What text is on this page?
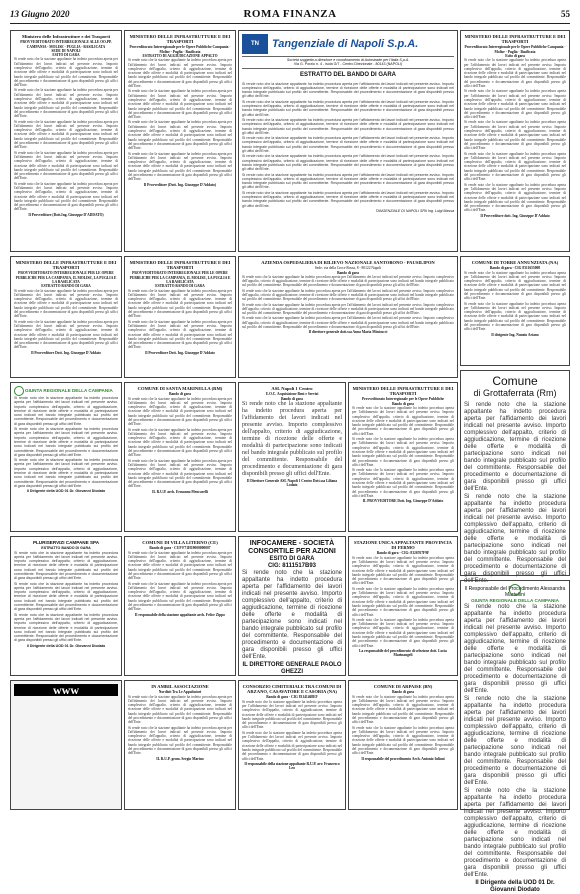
13 Giugno 2020	ROMA FINANZA	55
Ministero delle Infrastrutture e dei Trasporti
PROVVEDITORATO INTERREGIONALE ALLE OO.PP. CAMPANIA - MOLISE - PUGLIA - BASILICATA
SEDE DI NAPOLI
ESITO DI GARA

Si rende noto che la stazione appaltante ha indetto procedura aperta per l'affidamento dei lavori indicati nel presente avviso. Importo complessivo dell'appalto, criterio di aggiudicazione, termine di ricezione delle offerte e modalità di partecipazione sono indicati nel bando integrale pubblicato sul profilo del committente. Responsabile del procedimento e documentazione di gara disponibili presso gli uffici dell'Ente.

Si rende noto che la stazione appaltante ha indetto procedura aperta per l'affidamento dei lavori indicati nel presente avviso. Importo complessivo dell'appalto, criterio di aggiudicazione, termine di ricezione delle offerte e modalità di partecipazione sono indicati nel bando integrale pubblicato sul profilo del committente. Responsabile del procedimento e documentazione di gara disponibili presso gli uffici dell'Ente.

Si rende noto che la stazione appaltante ha indetto procedura aperta per l'affidamento dei lavori indicati nel presente avviso. Importo complessivo dell'appalto, criterio di aggiudicazione, termine di ricezione delle offerte e modalità di partecipazione sono indicati nel bando integrale pubblicato sul profilo del committente. Responsabile del procedimento e documentazione di gara disponibili presso gli uffici dell'Ente.

Si rende noto che la stazione appaltante ha indetto procedura aperta per l'affidamento dei lavori indicati nel presente avviso. Importo complessivo dell'appalto, criterio di aggiudicazione, termine di ricezione delle offerte e modalità di partecipazione sono indicati nel bando integrale pubblicato sul profilo del committente. Responsabile del procedimento e documentazione di gara disponibili presso gli uffici dell'Ente.

Si rende noto che la stazione appaltante ha indetto procedura aperta per l'affidamento dei lavori indicati nel presente avviso. Importo complessivo dell'appalto, criterio di aggiudicazione, termine di ricezione delle offerte e modalità di partecipazione sono indicati nel bando integrale pubblicato sul profilo del committente. Responsabile del procedimento e documentazione di gara disponibili presso gli uffici dell'Ente.

Il Provveditore (Dott.Ing. Giuseppe D'ADDATO)
MINISTERO DELLE INFRASTRUTTURE E DEI TRASPORTI
Provveditorato Interregionale per le Opere Pubbliche Campania - Molise - Puglia - Basilicata
ESTRATTO DI AGGIUDICAZIONE APPALTO

Si rende noto che la stazione appaltante ha indetto procedura aperta per l'affidamento dei lavori indicati nel presente avviso. Importo complessivo dell'appalto, criterio di aggiudicazione, termine di ricezione delle offerte e modalità di partecipazione sono indicati nel bando integrale pubblicato sul profilo del committente. Responsabile del procedimento e documentazione di gara disponibili presso gli uffici dell'Ente.

Si rende noto che la stazione appaltante ha indetto procedura aperta per l'affidamento dei lavori indicati nel presente avviso. Importo complessivo dell'appalto, criterio di aggiudicazione, termine di ricezione delle offerte e modalità di partecipazione sono indicati nel bando integrale pubblicato sul profilo del committente. Responsabile del procedimento e documentazione di gara disponibili presso gli uffici dell'Ente.

Si rende noto che la stazione appaltante ha indetto procedura aperta per l'affidamento dei lavori indicati nel presente avviso. Importo complessivo dell'appalto, criterio di aggiudicazione, termine di ricezione delle offerte e modalità di partecipazione sono indicati nel bando integrale pubblicato sul profilo del committente. Responsabile del procedimento e documentazione di gara disponibili presso gli uffici dell'Ente.

Si rende noto che la stazione appaltante ha indetto procedura aperta per l'affidamento dei lavori indicati nel presente avviso. Importo complessivo dell'appalto, criterio di aggiudicazione, termine di ricezione delle offerte e modalità di partecipazione sono indicati nel bando integrale pubblicato sul profilo del committente. Responsabile del procedimento e documentazione di gara disponibili presso gli uffici dell'Ente.

Il Provveditore (Dott. Ing. Giuseppe D'Addato)
TN	Tangenziale di Napoli S.p.A.
Società soggetta a direzione e coordinamento di Autostrade per l'Italia S.p.A.
Via G. Porzio n. 4 - isola G/7 - Centro Direzionale - 80143 (NAPOLI)
ESTRATTO DEL BANDO DI GARA

Si rende noto che la stazione appaltante ha indetto procedura aperta per l'affidamento dei lavori indicati nel presente avviso. Importo complessivo dell'appalto, criterio di aggiudicazione, termine di ricezione delle offerte e modalità di partecipazione sono indicati nel bando integrale pubblicato sul profilo del committente. Responsabile del procedimento e documentazione di gara disponibili presso gli uffici dell'Ente.

Si rende noto che la stazione appaltante ha indetto procedura aperta per l'affidamento dei lavori indicati nel presente avviso. Importo complessivo dell'appalto, criterio di aggiudicazione, termine di ricezione delle offerte e modalità di partecipazione sono indicati nel bando integrale pubblicato sul profilo del committente. Responsabile del procedimento e documentazione di gara disponibili presso gli uffici dell'Ente.

Si rende noto che la stazione appaltante ha indetto procedura aperta per l'affidamento dei lavori indicati nel presente avviso. Importo complessivo dell'appalto, criterio di aggiudicazione, termine di ricezione delle offerte e modalità di partecipazione sono indicati nel bando integrale pubblicato sul profilo del committente. Responsabile del procedimento e documentazione di gara disponibili presso gli uffici dell'Ente.

Si rende noto che la stazione appaltante ha indetto procedura aperta per l'affidamento dei lavori indicati nel presente avviso. Importo complessivo dell'appalto, criterio di aggiudicazione, termine di ricezione delle offerte e modalità di partecipazione sono indicati nel bando integrale pubblicato sul profilo del committente. Responsabile del procedimento e documentazione di gara disponibili presso gli uffici dell'Ente.

Si rende noto che la stazione appaltante ha indetto procedura aperta per l'affidamento dei lavori indicati nel presente avviso. Importo complessivo dell'appalto, criterio di aggiudicazione, termine di ricezione delle offerte e modalità di partecipazione sono indicati nel bando integrale pubblicato sul profilo del committente. Responsabile del procedimento e documentazione di gara disponibili presso gli uffici dell'Ente.

Si rende noto che la stazione appaltante ha indetto procedura aperta per l'affidamento dei lavori indicati nel presente avviso. Importo complessivo dell'appalto, criterio di aggiudicazione, termine di ricezione delle offerte e modalità di partecipazione sono indicati nel bando integrale pubblicato sul profilo del committente. Responsabile del procedimento e documentazione di gara disponibili presso gli uffici dell'Ente.

Si rende noto che la stazione appaltante ha indetto procedura aperta per l'affidamento dei lavori indicati nel presente avviso. Importo complessivo dell'appalto, criterio di aggiudicazione, termine di ricezione delle offerte e modalità di partecipazione sono indicati nel bando integrale pubblicato sul profilo del committente. Responsabile del procedimento e documentazione di gara disponibili presso gli uffici dell'Ente.

TANGENZIALE DI NAPOLI SPA Ing. Luigi Massa
MINISTERO DELLE INFRASTRUTTURE E DEI TRASPORTI
Provveditorato Interregionale per le Opere Pubbliche Campania - Molise - Puglia - Basilicata
Esito di gara

Si rende noto che la stazione appaltante ha indetto procedura aperta per l'affidamento dei lavori indicati nel presente avviso. Importo complessivo dell'appalto, criterio di aggiudicazione, termine di ricezione delle offerte e modalità di partecipazione sono indicati nel bando integrale pubblicato sul profilo del committente. Responsabile del procedimento e documentazione di gara disponibili presso gli uffici dell'Ente.

Si rende noto che la stazione appaltante ha indetto procedura aperta per l'affidamento dei lavori indicati nel presente avviso. Importo complessivo dell'appalto, criterio di aggiudicazione, termine di ricezione delle offerte e modalità di partecipazione sono indicati nel bando integrale pubblicato sul profilo del committente. Responsabile del procedimento e documentazione di gara disponibili presso gli uffici dell'Ente.

Si rende noto che la stazione appaltante ha indetto procedura aperta per l'affidamento dei lavori indicati nel presente avviso. Importo complessivo dell'appalto, criterio di aggiudicazione, termine di ricezione delle offerte e modalità di partecipazione sono indicati nel bando integrale pubblicato sul profilo del committente. Responsabile del procedimento e documentazione di gara disponibili presso gli uffici dell'Ente.

Si rende noto che la stazione appaltante ha indetto procedura aperta per l'affidamento dei lavori indicati nel presente avviso. Importo complessivo dell'appalto, criterio di aggiudicazione, termine di ricezione delle offerte e modalità di partecipazione sono indicati nel bando integrale pubblicato sul profilo del committente. Responsabile del procedimento e documentazione di gara disponibili presso gli uffici dell'Ente.

Si rende noto che la stazione appaltante ha indetto procedura aperta per l'affidamento dei lavori indicati nel presente avviso. Importo complessivo dell'appalto, criterio di aggiudicazione, termine di ricezione delle offerte e modalità di partecipazione sono indicati nel bando integrale pubblicato sul profilo del committente. Responsabile del procedimento e documentazione di gara disponibili presso gli uffici dell'Ente.

Il Provveditore dott. Ing. Giuseppe D'Addato
MINISTERO DELLE INFRASTRUTTURE E DEI TRASPORTI
PROVVEDITORATO INTERREGIONALE PER LE OPERE PUBBLICHE PER LA CAMPANIA, IL MOLISE, LA PUGLIA E LA BASILICATA
ESTRATTO BANDO DI GARA

Si rende noto che la stazione appaltante ha indetto procedura aperta per l'affidamento dei lavori indicati nel presente avviso. Importo complessivo dell'appalto, criterio di aggiudicazione, termine di ricezione delle offerte e modalità di partecipazione sono indicati nel bando integrale pubblicato sul profilo del committente. Responsabile del procedimento e documentazione di gara disponibili presso gli uffici dell'Ente.

Si rende noto che la stazione appaltante ha indetto procedura aperta per l'affidamento dei lavori indicati nel presente avviso. Importo complessivo dell'appalto, criterio di aggiudicazione, termine di ricezione delle offerte e modalità di partecipazione sono indicati nel bando integrale pubblicato sul profilo del committente. Responsabile del procedimento e documentazione di gara disponibili presso gli uffici dell'Ente.

Il Provveditore Dott. Ing. Giuseppe D'Addato
MINISTERO DELLE INFRASTRUTTURE E DEI TRASPORTI
PROVVEDITORATO INTERREGIONALE PER LE OPERE PUBBLICHE PER LA CAMPANIA, IL MOLISE, LA PUGLIA E LA BASILICATA
ESTRATTO BANDO DI GARA

Si rende noto che la stazione appaltante ha indetto procedura aperta per l'affidamento dei lavori indicati nel presente avviso. Importo complessivo dell'appalto, criterio di aggiudicazione, termine di ricezione delle offerte e modalità di partecipazione sono indicati nel bando integrale pubblicato sul profilo del committente. Responsabile del procedimento e documentazione di gara disponibili presso gli uffici dell'Ente.

Si rende noto che la stazione appaltante ha indetto procedura aperta per l'affidamento dei lavori indicati nel presente avviso. Importo complessivo dell'appalto, criterio di aggiudicazione, termine di ricezione delle offerte e modalità di partecipazione sono indicati nel bando integrale pubblicato sul profilo del committente. Responsabile del procedimento e documentazione di gara disponibili presso gli uffici dell'Ente.

Il Provveditore Dott. Ing. Giuseppe D'Addato
AZIENDA OSPEDALIERA DI RILIEVO NAZIONALE SANTOBONO - PAUSILIPON
Sede: via della Croce Rossa, 8 - 80122 Napoli
Bando di gara

Si rende noto che la stazione appaltante ha indetto procedura aperta per l'affidamento dei lavori indicati nel presente avviso. Importo complessivo dell'appalto, criterio di aggiudicazione, termine di ricezione delle offerte e modalità di partecipazione sono indicati nel bando integrale pubblicato sul profilo del committente. Responsabile del procedimento e documentazione di gara disponibili presso gli uffici dell'Ente.

Si rende noto che la stazione appaltante ha indetto procedura aperta per l'affidamento dei lavori indicati nel presente avviso. Importo complessivo dell'appalto, criterio di aggiudicazione, termine di ricezione delle offerte e modalità di partecipazione sono indicati nel bando integrale pubblicato sul profilo del committente. Responsabile del procedimento e documentazione di gara disponibili presso gli uffici dell'Ente.

Si rende noto che la stazione appaltante ha indetto procedura aperta per l'affidamento dei lavori indicati nel presente avviso. Importo complessivo dell'appalto, criterio di aggiudicazione, termine di ricezione delle offerte e modalità di partecipazione sono indicati nel bando integrale pubblicato sul profilo del committente. Responsabile del procedimento e documentazione di gara disponibili presso gli uffici dell'Ente.

Si rende noto che la stazione appaltante ha indetto procedura aperta per l'affidamento dei lavori indicati nel presente avviso. Importo complessivo dell'appalto, criterio di aggiudicazione, termine di ricezione delle offerte e modalità di partecipazione sono indicati nel bando integrale pubblicato sul profilo del committente. Responsabile del procedimento e documentazione di gara disponibili presso gli uffici dell'Ente.

Il direttore generale dott.ssa Anna Maria Minicucci
COMUNE DI TORRE ANNUNZIATA (NA)
Bando di gara - CIG 8311655008

Si rende noto che la stazione appaltante ha indetto procedura aperta per l'affidamento dei lavori indicati nel presente avviso. Importo complessivo dell'appalto, criterio di aggiudicazione, termine di ricezione delle offerte e modalità di partecipazione sono indicati nel bando integrale pubblicato sul profilo del committente. Responsabile del procedimento e documentazione di gara disponibili presso gli uffici dell'Ente.

Si rende noto che la stazione appaltante ha indetto procedura aperta per l'affidamento dei lavori indicati nel presente avviso. Importo complessivo dell'appalto, criterio di aggiudicazione, termine di ricezione delle offerte e modalità di partecipazione sono indicati nel bando integrale pubblicato sul profilo del committente. Responsabile del procedimento e documentazione di gara disponibili presso gli uffici dell'Ente.

Il dirigente Ing. Nunzio Ariano
GIUNTA REGIONALE DELLA CAMPANIA

Si rende noto che la stazione appaltante ha indetto procedura aperta per l'affidamento dei lavori indicati nel presente avviso. Importo complessivo dell'appalto, criterio di aggiudicazione, termine di ricezione delle offerte e modalità di partecipazione sono indicati nel bando integrale pubblicato sul profilo del committente. Responsabile del procedimento e documentazione di gara disponibili presso gli uffici dell'Ente.

Si rende noto che la stazione appaltante ha indetto procedura aperta per l'affidamento dei lavori indicati nel presente avviso. Importo complessivo dell'appalto, criterio di aggiudicazione, termine di ricezione delle offerte e modalità di partecipazione sono indicati nel bando integrale pubblicato sul profilo del committente. Responsabile del procedimento e documentazione di gara disponibili presso gli uffici dell'Ente.

Si rende noto che la stazione appaltante ha indetto procedura aperta per l'affidamento dei lavori indicati nel presente avviso. Importo complessivo dell'appalto, criterio di aggiudicazione, termine di ricezione delle offerte e modalità di partecipazione sono indicati nel bando integrale pubblicato sul profilo del committente. Responsabile del procedimento e documentazione di gara disponibili presso gli uffici dell'Ente.

Il Dirigente della UOD 01 Dr. Giovanni Diodato
COMUNE DI SANTA MARINELLA (RM)
Bando di gara

Si rende noto che la stazione appaltante ha indetto procedura aperta per l'affidamento dei lavori indicati nel presente avviso. Importo complessivo dell'appalto, criterio di aggiudicazione, termine di ricezione delle offerte e modalità di partecipazione sono indicati nel bando integrale pubblicato sul profilo del committente. Responsabile del procedimento e documentazione di gara disponibili presso gli uffici dell'Ente.

Si rende noto che la stazione appaltante ha indetto procedura aperta per l'affidamento dei lavori indicati nel presente avviso. Importo complessivo dell'appalto, criterio di aggiudicazione, termine di ricezione delle offerte e modalità di partecipazione sono indicati nel bando integrale pubblicato sul profilo del committente. Responsabile del procedimento e documentazione di gara disponibili presso gli uffici dell'Ente.

Si rende noto che la stazione appaltante ha indetto procedura aperta per l'affidamento dei lavori indicati nel presente avviso. Importo complessivo dell'appalto, criterio di aggiudicazione, termine di ricezione delle offerte e modalità di partecipazione sono indicati nel bando integrale pubblicato sul profilo del committente. Responsabile del procedimento e documentazione di gara disponibili presso gli uffici dell'Ente.

IL R.U.P. arch. Ermanno Mencarelli
ASL Napoli 1 Centro
U.O.C. Acquisizione Beni e Servizi
Bando di gara

Si rende noto che la stazione appaltante ha indetto procedura aperta per l'affidamento dei lavori indicati nel presente avviso. Importo complessivo dell'appalto, criterio di aggiudicazione, termine di ricezione delle offerte e modalità di partecipazione sono indicati nel bando integrale pubblicato sul profilo del committente. Responsabile del procedimento e documentazione di gara disponibili presso gli uffici dell'Ente.

Il Direttore Generale ASL Napoli 1 Centro Dott.ssa Liliana Lodato
MINISTERO DELLE INFRASTRUTTURE E DEI TRASPORTI
Provveditorato Interregionale per le Opere Pubbliche
Bando di gara

Si rende noto che la stazione appaltante ha indetto procedura aperta per l'affidamento dei lavori indicati nel presente avviso. Importo complessivo dell'appalto, criterio di aggiudicazione, termine di ricezione delle offerte e modalità di partecipazione sono indicati nel bando integrale pubblicato sul profilo del committente. Responsabile del procedimento e documentazione di gara disponibili presso gli uffici dell'Ente.

Si rende noto che la stazione appaltante ha indetto procedura aperta per l'affidamento dei lavori indicati nel presente avviso. Importo complessivo dell'appalto, criterio di aggiudicazione, termine di ricezione delle offerte e modalità di partecipazione sono indicati nel bando integrale pubblicato sul profilo del committente. Responsabile del procedimento e documentazione di gara disponibili presso gli uffici dell'Ente.

Si rende noto che la stazione appaltante ha indetto procedura aperta per l'affidamento dei lavori indicati nel presente avviso. Importo complessivo dell'appalto, criterio di aggiudicazione, termine di ricezione delle offerte e modalità di partecipazione sono indicati nel bando integrale pubblicato sul profilo del committente. Responsabile del procedimento e documentazione di gara disponibili presso gli uffici dell'Ente.

IL PROVVEDITORE Dott. Ing. Giuseppe D'Addato
Comune
di Grottaferrata (Rm)

Si rende noto che la stazione appaltante ha indetto procedura aperta per l'affidamento dei lavori indicati nel presente avviso. Importo complessivo dell'appalto, criterio di aggiudicazione, termine di ricezione delle offerte e modalità di partecipazione sono indicati nel bando integrale pubblicato sul profilo del committente. Responsabile del procedimento e documentazione di gara disponibili presso gli uffici dell'Ente.

Si rende noto che la stazione appaltante ha indetto procedura aperta per l'affidamento dei lavori indicati nel presente avviso. Importo complessivo dell'appalto, criterio di aggiudicazione, termine di ricezione delle offerte e modalità di partecipazione sono indicati nel bando integrale pubblicato sul profilo del committente. Responsabile del procedimento e documentazione di gara disponibili presso gli uffici dell'Ente.

Il Responsabile del Procedimento Alessandra Martellini
PLURISERVIZI CAMPANE SPA
ESTRATTO BANDO DI GARA

Si rende noto che la stazione appaltante ha indetto procedura aperta per l'affidamento dei lavori indicati nel presente avviso. Importo complessivo dell'appalto, criterio di aggiudicazione, termine di ricezione delle offerte e modalità di partecipazione sono indicati nel bando integrale pubblicato sul profilo del committente. Responsabile del procedimento e documentazione di gara disponibili presso gli uffici dell'Ente.

Si rende noto che la stazione appaltante ha indetto procedura aperta per l'affidamento dei lavori indicati nel presente avviso. Importo complessivo dell'appalto, criterio di aggiudicazione, termine di ricezione delle offerte e modalità di partecipazione sono indicati nel bando integrale pubblicato sul profilo del committente. Responsabile del procedimento e documentazione di gara disponibili presso gli uffici dell'Ente.

Si rende noto che la stazione appaltante ha indetto procedura aperta per l'affidamento dei lavori indicati nel presente avviso. Importo complessivo dell'appalto, criterio di aggiudicazione, termine di ricezione delle offerte e modalità di partecipazione sono indicati nel bando integrale pubblicato sul profilo del committente. Responsabile del procedimento e documentazione di gara disponibili presso gli uffici dell'Ente.

Il Dirigente della UOD 01 Dr. Giovanni Diodato
COMUNE DI VILLA LITERNO (CE)
Bando di gara - CUP F71H19000000007

Si rende noto che la stazione appaltante ha indetto procedura aperta per l'affidamento dei lavori indicati nel presente avviso. Importo complessivo dell'appalto, criterio di aggiudicazione, termine di ricezione delle offerte e modalità di partecipazione sono indicati nel bando integrale pubblicato sul profilo del committente. Responsabile del procedimento e documentazione di gara disponibili presso gli uffici dell'Ente.

Si rende noto che la stazione appaltante ha indetto procedura aperta per l'affidamento dei lavori indicati nel presente avviso. Importo complessivo dell'appalto, criterio di aggiudicazione, termine di ricezione delle offerte e modalità di partecipazione sono indicati nel bando integrale pubblicato sul profilo del committente. Responsabile del procedimento e documentazione di gara disponibili presso gli uffici dell'Ente.

Il responsabile della stazione appaltante arch. Felice Zippo
INFOCAMERE - SOCIETÀ CONSORTILE PER AZIONI
ESITO DI GARA
CIG: 8111517B93

Si rende noto che la stazione appaltante ha indetto procedura aperta per l'affidamento dei lavori indicati nel presente avviso. Importo complessivo dell'appalto, criterio di aggiudicazione, termine di ricezione delle offerte e modalità di partecipazione sono indicati nel bando integrale pubblicato sul profilo del committente. Responsabile del procedimento e documentazione di gara disponibili presso gli uffici dell'Ente.

IL DIRETTORE GENERALE PAOLO GHEZZI
STAZIONE UNICA APPALTANTE PROVINCIA DI FERMO
Bando di gara - CIG: 8326767F9F

Si rende noto che la stazione appaltante ha indetto procedura aperta per l'affidamento dei lavori indicati nel presente avviso. Importo complessivo dell'appalto, criterio di aggiudicazione, termine di ricezione delle offerte e modalità di partecipazione sono indicati nel bando integrale pubblicato sul profilo del committente. Responsabile del procedimento e documentazione di gara disponibili presso gli uffici dell'Ente.

Si rende noto che la stazione appaltante ha indetto procedura aperta per l'affidamento dei lavori indicati nel presente avviso. Importo complessivo dell'appalto, criterio di aggiudicazione, termine di ricezione delle offerte e modalità di partecipazione sono indicati nel bando integrale pubblicato sul profilo del committente. Responsabile del procedimento e documentazione di gara disponibili presso gli uffici dell'Ente.

Si rende noto che la stazione appaltante ha indetto procedura aperta per l'affidamento dei lavori indicati nel presente avviso. Importo complessivo dell'appalto, criterio di aggiudicazione, termine di ricezione delle offerte e modalità di partecipazione sono indicati nel bando integrale pubblicato sul profilo del committente. Responsabile del procedimento e documentazione di gara disponibili presso gli uffici dell'Ente.

La responsabile del procedimento di selezione dott. Lucia Marinangeli
GIUNTA REGIONALE DELLA CAMPANIA

Si rende noto che la stazione appaltante ha indetto procedura aperta per l'affidamento dei lavori indicati nel presente avviso. Importo complessivo dell'appalto, criterio di aggiudicazione, termine di ricezione delle offerte e modalità di partecipazione sono indicati nel bando integrale pubblicato sul profilo del committente. Responsabile del procedimento e documentazione di gara disponibili presso gli uffici dell'Ente.

Si rende noto che la stazione appaltante ha indetto procedura aperta per l'affidamento dei lavori indicati nel presente avviso. Importo complessivo dell'appalto, criterio di aggiudicazione, termine di ricezione delle offerte e modalità di partecipazione sono indicati nel bando integrale pubblicato sul profilo del committente. Responsabile del procedimento e documentazione di gara disponibili presso gli uffici dell'Ente.

Si rende noto che la stazione appaltante ha indetto procedura aperta per l'affidamento dei lavori indicati nel presente avviso. Importo complessivo dell'appalto, criterio di aggiudicazione, termine di ricezione delle offerte e modalità di partecipazione sono indicati nel bando integrale pubblicato sul profilo del committente. Responsabile del procedimento e documentazione di gara disponibili presso gli uffici dell'Ente.

Il Dirigente della UOD 01 Dr. Giovanni Diodato
www	IN AMBIL ASSOCIAZIONE
Nordisti Tra Le Appaltatori

Si rende noto che la stazione appaltante ha indetto procedura aperta per l'affidamento dei lavori indicati nel presente avviso. Importo complessivo dell'appalto, criterio di aggiudicazione, termine di ricezione delle offerte e modalità di partecipazione sono indicati nel bando integrale pubblicato sul profilo del committente. Responsabile del procedimento e documentazione di gara disponibili presso gli uffici dell'Ente.

Si rende noto che la stazione appaltante ha indetto procedura aperta per l'affidamento dei lavori indicati nel presente avviso. Importo complessivo dell'appalto, criterio di aggiudicazione, termine di ricezione delle offerte e modalità di partecipazione sono indicati nel bando integrale pubblicato sul profilo del committente. Responsabile del procedimento e documentazione di gara disponibili presso gli uffici dell'Ente.

IL R.U.P. geom. Sergio Marino
CONSORZIO CIMITERIALE TRA COMUNI DI ARZANO, CASAVATORE E CASORIA (NA)
Bando di gara - CIG 83141468EF

Si rende noto che la stazione appaltante ha indetto procedura aperta per l'affidamento dei lavori indicati nel presente avviso. Importo complessivo dell'appalto, criterio di aggiudicazione, termine di ricezione delle offerte e modalità di partecipazione sono indicati nel bando integrale pubblicato sul profilo del committente. Responsabile del procedimento e documentazione di gara disponibili presso gli uffici dell'Ente.

Si rende noto che la stazione appaltante ha indetto procedura aperta per l'affidamento dei lavori indicati nel presente avviso. Importo complessivo dell'appalto, criterio di aggiudicazione, termine di ricezione delle offerte e modalità di partecipazione sono indicati nel bando integrale pubblicato sul profilo del committente. Responsabile del procedimento e documentazione di gara disponibili presso gli uffici dell'Ente.

Il responsabile della stazione appaltante R.U.P. avv. Francesco Leo
COMUNE DI ARPAISE (BN)
Bando di gara

Si rende noto che la stazione appaltante ha indetto procedura aperta per l'affidamento dei lavori indicati nel presente avviso. Importo complessivo dell'appalto, criterio di aggiudicazione, termine di ricezione delle offerte e modalità di partecipazione sono indicati nel bando integrale pubblicato sul profilo del committente. Responsabile del procedimento e documentazione di gara disponibili presso gli uffici dell'Ente.

Si rende noto che la stazione appaltante ha indetto procedura aperta per l'affidamento dei lavori indicati nel presente avviso. Importo complessivo dell'appalto, criterio di aggiudicazione, termine di ricezione delle offerte e modalità di partecipazione sono indicati nel bando integrale pubblicato sul profilo del committente. Responsabile del procedimento e documentazione di gara disponibili presso gli uffici dell'Ente.

Il responsabile del procedimento Arch. Antonio Iulioni
